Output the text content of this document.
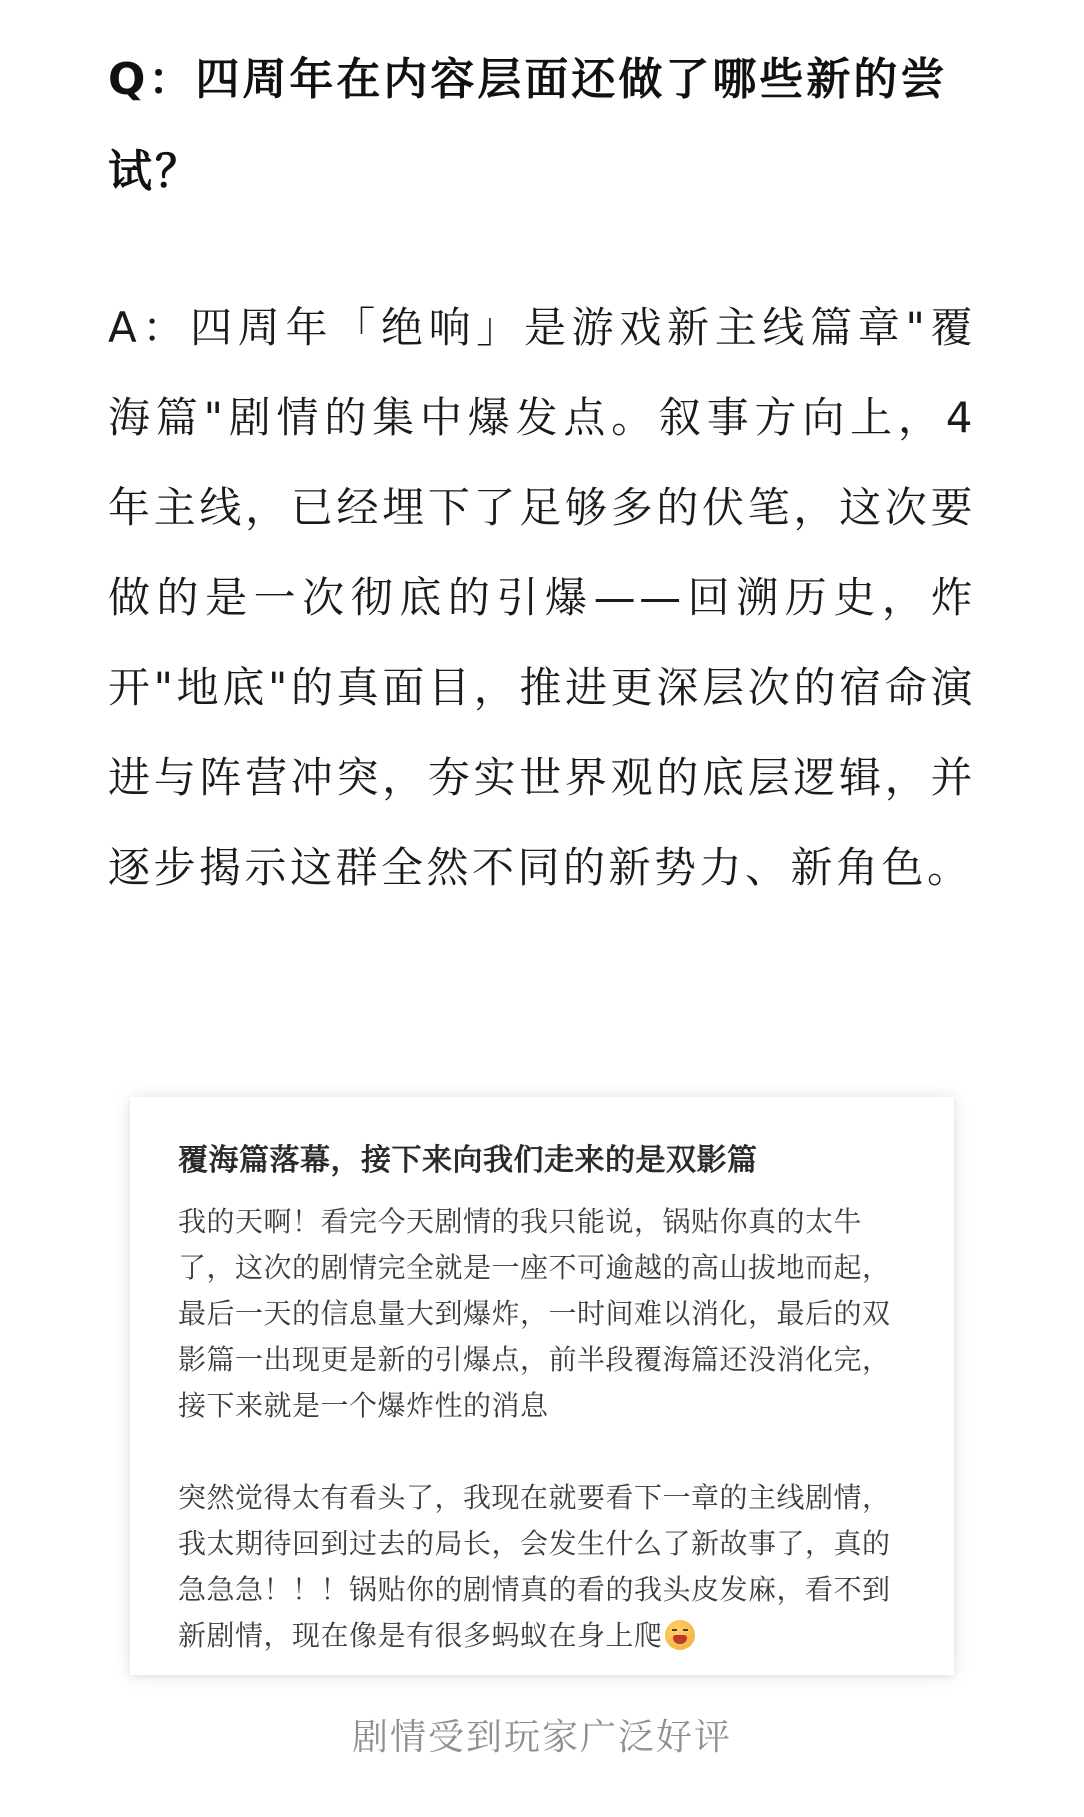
Q：四周年在内容层面还做了哪些新的尝试？

A：四周年「绝响」是游戏新主线篇章"覆海篇"剧情的集中爆发点。叙事方向上，4年主线，已经埋下了足够多的伏笔，这次要做的是一次彻底的引爆——回溯历史，炸开"地底"的真面目，推进更深层次的宿命演进与阵营冲突，夯实世界观的底层逻辑，并逐步揭示这群全然不同的新势力、新角色。

覆海篇落幕，接下来向我们走来的是双影篇

我的天啊！看完今天剧情的我只能说，锅贴你真的太牛了，这次的剧情完全就是一座不可逾越的高山拔地而起，最后一天的信息量大到爆炸，一时间难以消化，最后的双影篇一出现更是新的引爆点，前半段覆海篇还没消化完，接下来就是一个爆炸性的消息

突然觉得太有看头了，我现在就要看下一章的主线剧情，我太期待回到过去的局长，会发生什么了新故事了，真的急急急！！！锅贴你的剧情真的看的我头皮发麻，看不到新剧情，现在像是有很多蚂蚁在身上爬

剧情受到玩家广泛好评
